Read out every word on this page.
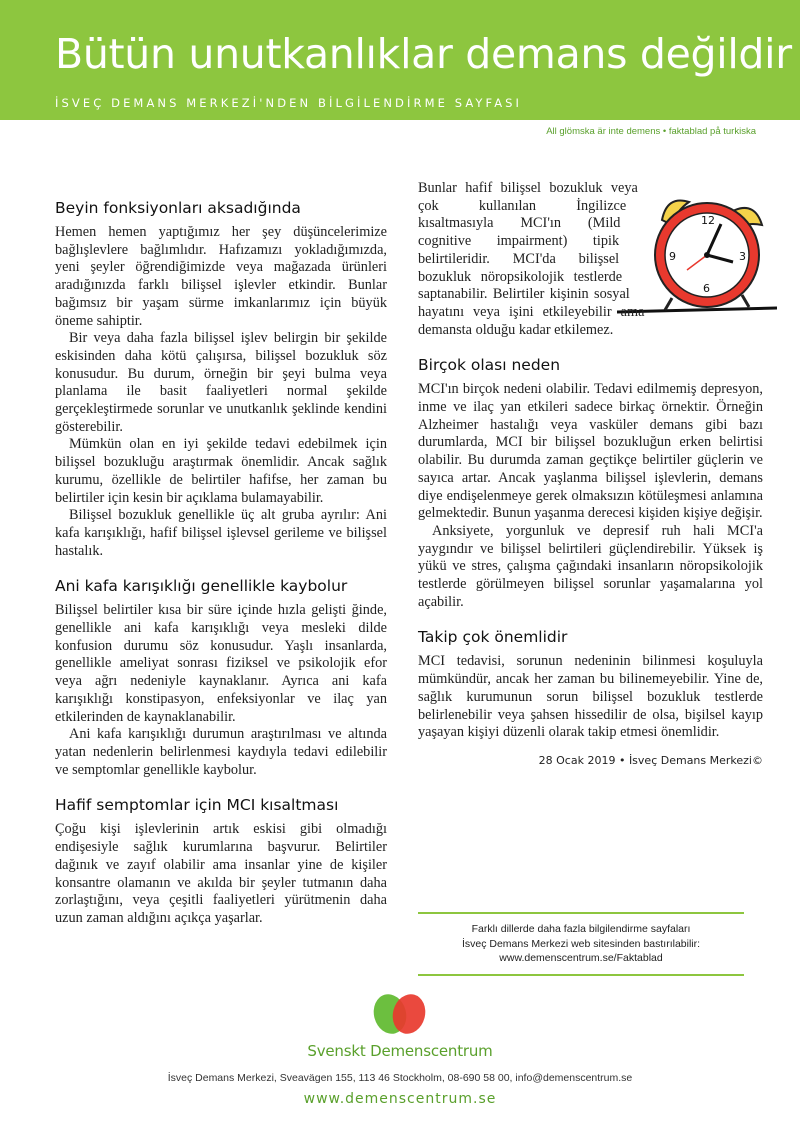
Bütün unutkanlıklar demans değildir
İSVEÇ DEMANS MERKEZİ'NDEN BİLGİLENDİRME SAYFASI
All glömska är inte demens • faktablad på turkiska
Beyin fonksiyonları aksadığında

Hemen hemen yaptığımız her şey düşüncelerimize bağlışlevlere bağlımlıdır. Hafızamızı yokladığımızda, yeni şeyler öğrendiğimizde veya mağazada ürünleri aradığınızda farklı bilişsel işlevler etkindir. Bunlar bağımsız bir yaşam sürme imkanlarımız için büyük öneme sahiptir.

Bir veya daha fazla bilişsel işlev belirgin bir şekilde eskisinden daha kötü çalışırsa, bilişsel bozukluk söz konusudur. Bu durum, örneğin bir şeyi bulma veya planlama ile basit faaliyetleri normal şekilde gerçekleştirmede sorunlar ve unutkanlık şeklinde kendini gösterebilir.

Mümkün olan en iyi şekilde tedavi edebilmek için bilişsel bozukluğu araştırmak önemlidir. Ancak sağlık kurumu, özellikle de belirtiler hafifse, her zaman bu belirtiler için kesin bir açıklama bulamayabilir.

Bilişsel bozukluk genellikle üç alt gruba ayrılır: Ani kafa karışıklığı, hafif bilişsel işlevsel gerileme ve bilişsel hastalık.

Ani kafa karışıklığı genellikle kaybolur

Bilişsel belirtiler kısa bir süre içinde hızla gelişti ğinde, genellikle ani kafa karışıklığı veya mesleki dilde konfusion durumu söz konusudur. Yaşlı insanlarda, genellikle ameliyat sonrası fiziksel ve psikolojik efor veya ağrı nedeniyle kaynaklanır. Ayrıca ani kafa karışıklığı konstipasyon, enfeksiyonlar ve ilaç yan etkilerinden de kaynaklanabilir.

Ani kafa karışıklığı durumun araştırılması ve altında yatan nedenlerin belirlenmesi kaydıyla tedavi edilebilir ve semptomlar genellikle kaybolur.

Hafif semptomlar için MCI kısaltması

Çoğu kişi işlevlerinin artık eskisi gibi olmadığı endişesiyle sağlık kurumlarına başvurur. Belirtiler dağınık ve zayıf olabilir ama insanlar yine de kişiler konsantre olamanın ve akılda bir şeyler tutmanın daha zorlaştığını, veya çeşitli faaliyetleri yürütmenin daha uzun zaman aldığını açıkça yaşarlar.

12
3
6
9

Bunlar hafif bilişsel bozukluk veya çok kullanılan İngilizce kısaltmasıyla MCI'ın (Mild cognitive impairment) tipik belirtileridir. MCI'da bilişsel bozukluk nöropsikolojik testlerde saptanabilir. Belirtiler kişinin sosyal hayatını veya işini etkileyebilir ama demansta olduğu kadar etkilemez.

Birçok olası neden

MCI'ın birçok nedeni olabilir. Tedavi edilmemiş depresyon, inme ve ilaç yan etkileri sadece birkaç örnektir. Örneğin Alzheimer hastalığı veya vasküler demans gibi bazı durumlarda, MCI bir bilişsel bozukluğun erken belirtisi olabilir. Bu durumda zaman geçtikçe belirtiler güçlerin ve sayıca artar. Ancak yaşlanma bilişsel işlevlerin, demans diye endişelenmeye gerek olmaksızın kötüleşmesi anlamına gelmektedir. Bunun yaşanma derecesi kişiden kişiye değişir.

Anksiyete, yorgunluk ve depresif ruh hali MCI'a yaygındır ve bilişsel belirtileri güçlendirebilir. Yüksek iş yükü ve stres, çalışma çağındaki insanların nöropsikolojik testlerde görülmeyen bilişsel sorunlar yaşamalarına yol açabilir.

Takip çok önemlidir

MCI tedavisi, sorunun nedeninin bilinmesi koşuluyla mümkündür, ancak her zaman bu bilinemeyebilir. Yine de, sağlık kurumunun sorun bilişsel bozukluk testlerde belirlenebilir veya şahsen hissedilir de olsa, bişilsel kayıp yaşayan kişiyi düzenli olarak takip etmesi önemlidir.

28 Ocak 2019 • İsveç Demans Merkezi©
Farklı dillerde daha fazla bilgilendirme sayfaları
İsveç Demans Merkezi web sitesinden bastırılabilir:
www.demenscentrum.se/Faktablad
Svenskt Demenscentrum
İsveç Demans Merkezi, Sveavägen 155, 113 46 Stockholm, 08-690 58 00, info@demenscentrum.se
www.demenscentrum.se
